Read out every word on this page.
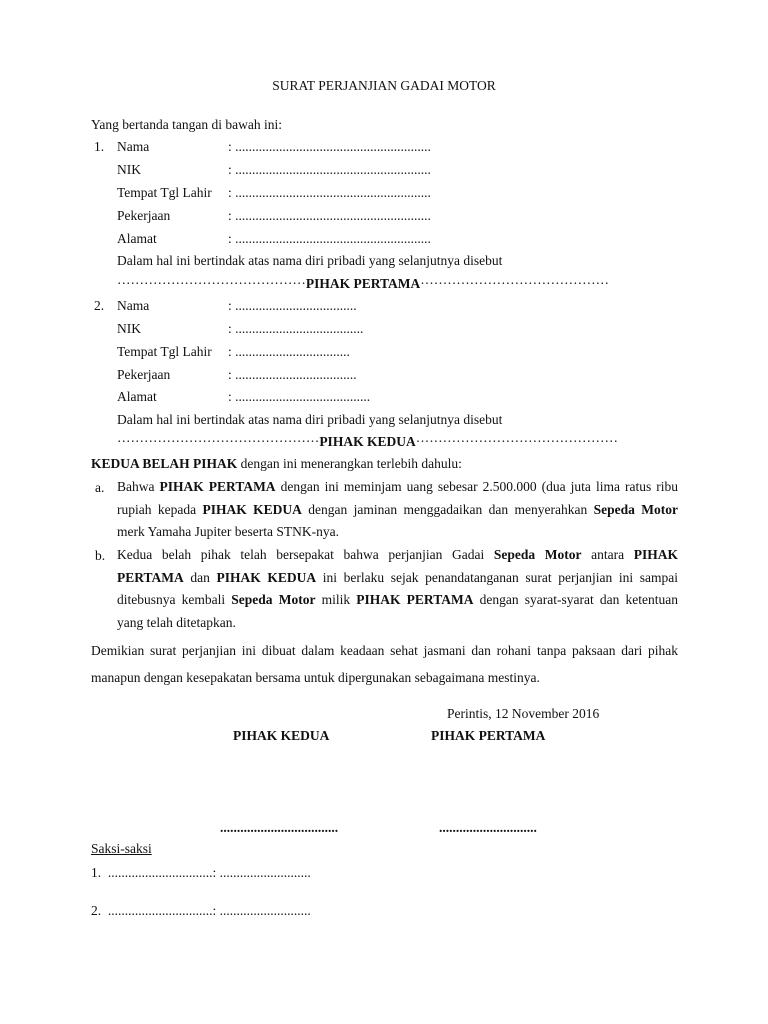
SURAT PERJANJIAN GADAI MOTOR
Yang bertanda tangan di bawah ini:
1. Nama	: ..........................................................
NIK	: ..........................................................
Tempat Tgl Lahir : ..........................................................
Pekerjaan	: ..........................................................
Alamat	: ..........................................................
Dalam hal ini bertindak atas nama diri pribadi yang selanjutnya disebut
··········································PIHAK PERTAMA··········································
2. Nama	: ....................................
NIK	: ......................................
Tempat Tgl Lahir : ..................................
Pekerjaan	: ....................................
Alamat	: ........................................
Dalam hal ini bertindak atas nama diri pribadi yang selanjutnya disebut
·············································PIHAK KEDUA·············································
KEDUA BELAH PIHAK dengan ini menerangkan terlebih dahulu:
a. Bahwa PIHAK PERTAMA dengan ini meminjam uang sebesar 2.500.000 (dua juta lima ratus ribu rupiah kepada PIHAK KEDUA dengan jaminan menggadaikan dan menyerahkan Sepeda Motor merk Yamaha Jupiter beserta STNK-nya.
b. Kedua belah pihak telah bersepakat bahwa perjanjian Gadai Sepeda Motor antara PIHAK PERTAMA dan PIHAK KEDUA ini berlaku sejak penandatanganan surat perjanjian ini sampai ditebusnya kembali Sepeda Motor milik PIHAK PERTAMA dengan syarat-syarat dan ketentuan yang telah ditetapkan.
Demikian surat perjanjian ini dibuat dalam keadaan sehat jasmani dan rohani tanpa paksaan dari pihak manapun dengan kesepakatan bersama untuk dipergunakan sebagaimana mestinya.
Perintis, 12 November 2016
PIHAK KEDUA	PIHAK PERTAMA
...................................	.............................
Saksi-saksi
1. ...............................: ...........................
2. ...............................: ...........................
